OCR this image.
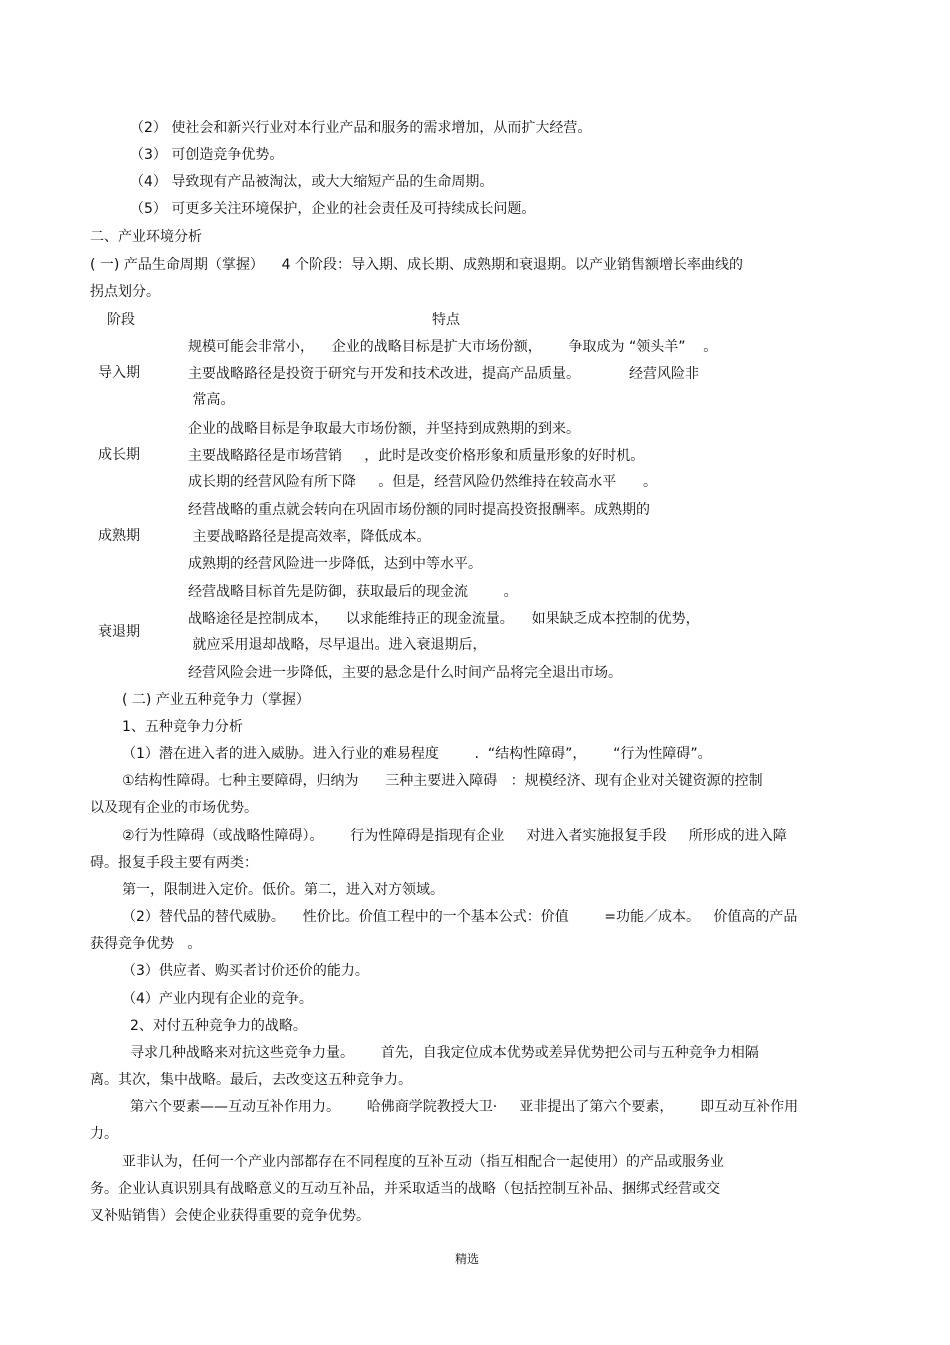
（2） 使社会和新兴行业对本行业产品和服务的需求增加，从而扩大经营。
（3） 可创造竞争优势。
（4） 导致现有产品被淘汰，或大大缩短产品的生命周期。
（5） 可更多关注环境保护，企业的社会责任及可持续成长问题。
二、产业环境分析
( 一) 产品生命周期（掌握）    4 个阶段：导入期、成长期、成熟期和衰退期。以产业销售额增长率曲线的
拐点划分。
阶段	特点
导入期
规模可能会非常小，    企业的战略目标是扩大市场份额，      争取成为 “领头羊”    。
主要战略路径是投资于研究与开发和技术改进，提高产品质量。           经营风险非
常高。
成长期
企业的战略目标是争取最大市场份额，并坚持到成熟期的到来。
主要战略路径是市场营销     ，此时是改变价格形象和质量形象的好时机。
成长期的经营风险有所下降     。但是，经营风险仍然维持在较高水平      。
成熟期
经营战略的重点就会转向在巩固市场份额的同时提高投资报酬率。成熟期的
主要战略路径是提高效率，降低成本。
成熟期的经营风险进一步降低，达到中等水平。
衰退期
经营战略目标首先是防御，获取最后的现金流        。
战略途径是控制成本，    以求能维持正的现金流量。    如果缺乏成本控制的优势，
就应采用退却战略，尽早退出。进入衰退期后，
经营风险会进一步降低，主要的悬念是什么时间产品将完全退出市场。
( 二) 产业五种竞争力（掌握）
1、五种竞争力分析
（1）潜在进入者的进入威胁。进入行业的难易程度        .  “结构性障碍”，      “行为性障碍”。
①结构性障碍。七种主要障碍，归纳为      三种主要进入障碍   ：规模经济、现有企业对关键资源的控制
以及现有企业的市场优势。
②行为性障碍（或战略性障碍）。      行为性障碍是指现有企业     对进入者实施报复手段     所形成的进入障
碍。报复手段主要有两类：
第一，限制进入定价。低价。第二，进入对方领域。
（2）替代品的替代威胁。    性价比。价值工程中的一个基本公式：价值        =功能／成本。   价值高的产品
获得竞争优势   。
（3）供应者、购买者讨价还价的能力。
（4）产业内现有企业的竞争。
2、对付五种竞争力的战略。
寻求几种战略来对抗这些竞争力量。      首先，自我定位成本优势或差异优势把公司与五种竞争力相隔
离。其次，集中战略。最后，去改变这五种竞争力。
第六个要素——互动互补作用力。      哈佛商学院教授大卫·     亚非提出了第六个要素，      即互动互补作用
力。
亚非认为，任何一个产业内部都存在不同程度的互补互动（指互相配合一起使用）的产品或服务业
务。企业认真识别具有战略意义的互动互补品，并采取适当的战略（包括控制互补品、捆绑式经营或交
叉补贴销售）会使企业获得重要的竞争优势。
精选
